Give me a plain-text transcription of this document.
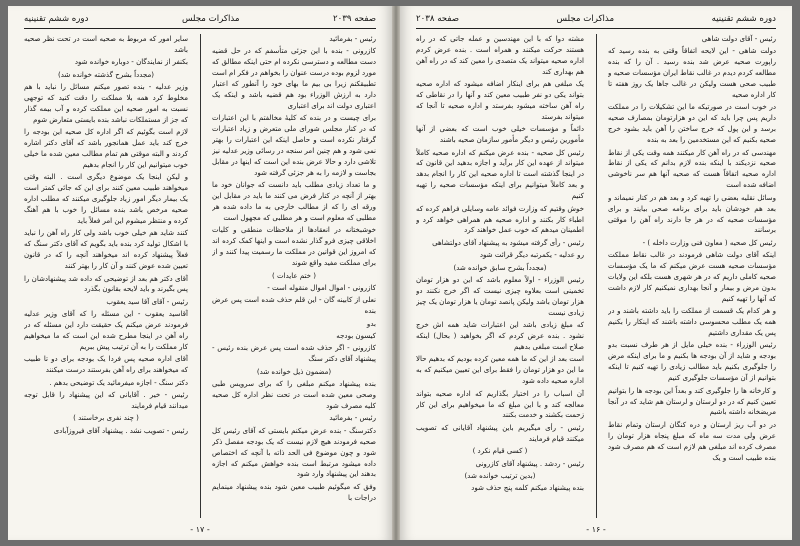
صفحه ۲۰۳۹
مذاکرات مجلس
دوره ششم تقنینیه

رئیس - بفرمائید

کازرونی - بنده با این جزئی متأسفم که در حل قضیه دست مطالعه و دسترسی نکرده ام حتی اینکه مطالق که مورد لزوم بوده درست عنوان را بخواهم در فکر ام است تطبیقکنم زیرا بی بیم ما بهای خود را آنطور که اعتبار دارد به ارزش الوزراء بود هم قضیه باشد و اینکه یک اعتباری دولت اند برای اعتباری

برای چیست و در بنده که کلیهٔ مخالفتم با این اعتبارات که در کنار مجلس شورای ملی متعرض و زیاد اعتبارات گرفتار نکرده است و حاصل اینکه این اعتبارات را بهتر نمی شود و هم چنین امر سنجه در رسائی وزیر عدلیه نیز تلاشی دارد و حالا عرض بنده این است که اینها در مقابل بجاست و لازمه را به هر جزئی گرفته شود

و ما تعداد زیادی مطلب باید دانست که جوانان خود ما بهتر از آنچه در کنار فرض می کنند ما باید در مقابل این ورقه ای را که از مطالب خارجی به ما داده شده هر مطلبی که معلوم است و هر مطلبی که مجهول است

خوشبختانه در انعقادها از ملاحظات منطقی و کلیات اخلاقی چیزی فرو گذار نشده است و اینها کمک کرده اند که امروز این قوانین در مملکت ما رسمیت پیدا کنند و از برای مملکت مفید واقع شوند

( ختم عایدات )

کازرونی - اموال اموال منقوله است -

نعلی از کابینه گان - این قلم حذف شده است پس عرض بنده

بدو

کیسون بودجه

کازرونی - اگر حذف شده است پس عرض بنده رئیس - پیشنهاد آقای دکتر سنگ

(مضمون ذیل خوانده شد)

بنده پیشنهاد میکنم مبلغی را که برای سرویس طبی وصحی معین شده است در تحت نظر اداره کل صحیه کلیه مصرف شود

رئیس - بفرمائید

دکترسنگ - بنده عرض میکنم بایستی که آقای رئیس کل صحیه فرمودند هیچ لازم نیست که یک بودجه مفصل ذکر شود و چون موضوع فی الحد ذاته با آنچه که اختصاص داده میشود مرتبط است بنده خواهش میکنم که اجازه بدهند این پیشنهاد وارد شود

وفق که میگوئیم طبیب معین شود بنده پیشنهاد مینمایم دراجات با

سایر امور که مربوط به صحیه است در تحت نظر صحیه باشد

بکنفر از نمایندگان - دوباره خوانده شود

(مجدداً بشرح گذشته خوانده شد)

وزیر عدلیه - بنده تصور میکنم مسائل را نباید با هم مخلوط کرد همه بلا مملکت را دقت کنید که توجهی نسبت به امور صحیه این مملکت کرده و آب بیمه گذار که جز از مستملکات نباشد بنده بایستی متعارض شوم

لازم است بگوئیم که اگر اداره کل صحیه این بودجه را خرج کند باید عمل همانجور باشد که آقای دکتر اشاره کردند و البته موقتی هم تمام مطالب معین شده ما خیلی خوب میتوانیم این کار را انجام بدهیم

و لیکن اینجا یک موضوع دیگری است . البته وقتی میخواهند طبیب معین کنند برای این که جائی کمتر است یک بیمار دیگر امور زیاد جلوگیری میکنند که مطلب اداره صحیه مرخص باشد بنده مسائل را خوب با هم آهنگ کرده و منتظر میشوم این امر فعلاً باید

کنند شاید هم خیلی خوب باشد ولی کار راه آهن را نباید با اشکال تولید کرد بنده باید بگویم که آقای دکتر سنگ که فعلاً پیشنهاد کرده اند میخواهند آنچه را که در قانون تعیین شده عوض کنند و آن کار را بهتر کنند

آقای دکتر هم بعد از توضیحی که داده شد پیشنهادشان را پس بگیرند و باید لایحه بقانون بگذرد

رئیس - آقای آقا سید یعقوب

آقاسید یعقوب - این مسئله را که آقای وزیر عدلیه فرمودند عرض میکنم یک حقیقت دارد این مسئله که در راه آهن در اینجا مطرح شده این است که ما میخواهیم کار مملکت را به آن ترتیب پیش ببریم

آقای اداره صحیه پس فردا یک بودجه برای دو تا طبیب که میخواهند برای راه آهن بفرستند درست میکنند

دکتر سنگ - اجازه میفرمائید یک توضیحی بدهم .

رئیس - خیر . آقایانی که این پیشنهاد را قابل توجه میدانند قیام فرمایند

( چند نفری برخاستند )

رئیس - تصویب نشد . پیشنهاد آقای فیروزآبادی

- ۱۷ -
دوره ششم تقنینیه
مذاکرات مجلس
صفحه ۲۰۳۸

رئیس - آقای دولت شاهی

دولت شاهی - این لایحه اتفاقاً وقتی به بنده رسید که راپورت صحیه عرض شد بنده رسید . آن را که بنده مطالعه کردم دیدم در غالب نقاط ایران مؤسسات صحیه و طبیب صحی هست ولیکن در غالب جاها یک روز هفته تا کار اداره صحیه

در خوب است در صورتیکه ما این تشکیلات را در مملکت داریم پس چرا باید که این دو هزارتومان بمصارف صحیه برسد و این پول که خرج ساختن را آهن باید بشود خرج صحیه بکنیم که این مستخدمین را بعد به بنده

مهندسی که در راه آهن کار میکنند همه وقت یکی از نقاط صحیه نزدیکند با اینکه بنده لازم بدانم که یکی از نقاط اداره صحیه اتفاقاً هست که صحیه آنها هم سر ناخوشی اضافه شده است

وسائل نقلیه بعضی را تهیه کرد و بعد هم در کنار نمیماند و بعد هم خودشان باید برای برنامه صحی بیایند و برای مؤسسات صحیه که در هر جا دارند راه آهن را موقتی برسانند

رئیس کل صحیه ( معاون فنی وزارت داخله ) -

اینکه آقای دولت شاهی فرمودند در غالب نقاط مملکت مؤسسات صحیه هست عرض میکنم که ما یک مؤسسات صحیه کاملی داریم که در هر شهری هست بلکه این ولایات بدون مرض و بیمار و آنجا بهداری نمیکنیم کار لازم داشت که آنها را تهیه کنیم

و هر کدام یک قسمت از مملکت را باید داشته باشند و در همه یک مطلب محسوسی داشته باشند که اینکار را بکنیم پس یک مقداری داشتیم

رئیس الوزراء - بنده خیلی مایل از هر طرف نسبت بدو بودجه و شاید از آن بودجه ها بکنیم و ما برای اینکه مرض را جلوگیری بکنیم باید مطالب زیادی را تهیه کنیم تا اینکه بتوانیم از آن مؤسسات جلوگیری کنیم

و کارخانه ها را جلوگیری کند و بعداً این بودجه ها را بتوانیم تعیین کنیم که در دو لرستان و لرستان هم شاید که در آنجا مریضخانه داشته باشیم

در دو آب ریز ارستان و دره کنگان ارستان وتمام نقاط عرض ولی مدت سه ماه که مبلغ پنجاه هزار تومان را مصرف کرده اند مبلغی هم لازم است که هم مصرف شود بنده طبیب است و یک

مشته دوا که با این مهندسین و عمله جاتی که در راه هستند حرکت میکنند و همراه است . بنده عرض کردم اداره صحیه میتواند یک متصدی را معین کند که در راه آهن هم بهداری کند

یک مبلغی هم برای اینکار اضافه میشود که اداره صحیه بتواند یکی دو نفر طبیب معین کند و آنها را در نقاطی که راه آهن ساخته میشود بفرستد و اداره صحیه تا آنجا که میتواند بفرستد

دائماً و مؤسسات خیلی خوب است که بعضی از آنها مأمورین رئیس و دیگر مأمور سازمان صحیه باشند

رئیس کل صحیه - بنده عرض میکنم که اداره صحیه کاملاً میتواند از عهده این کار برآید و اجازه بدهید این قانون که در اینجا گذشته است تا اداره صحیه این کار را انجام بدهد و بعد کاملاً میتوانیم برای اینکه مؤسسات صحیه را تهیه کنیم

خوش وقتیم که وزارت فوائد عامه وسایلی فراهم کرده که اطباء کار بکنند و اداره صحیه هم همراهی خواهد کرد و اطمینان میدهم که خوب عمل خواهند کرد

رئیس - رأی گرفته میشود به پیشنهاد آقای دولتشاهی

رو عدلیه - یکمرتبه دیگر قرائت شود

(مجدداً بشرح سابق خوانده شد)

رئیس الوزراء - اولاً معلوم باشد که این دو هزار تومان تخمینی است بعلاوه چیزی نیست که اگر خرج نکنند دو هزار تومان باشد ولیکن پانصد تومان یا هزار تومان یک چیز زیادی نیست

که مبلغ زیادی باشد این اعتبارات شاید همه اش خرج نشود . بنده عرض کردم که اگر بخواهید ( بحال) اینکه صلاح است مبلغی بدهیم

است بعد از این که ما همه معین کرده بودیم که بدهیم حالا ما این دو هزار تومان را فقط برای این تعیین میکنیم که به اداره صحیه داده شود

آن اسباب را در اختیار بگذاریم که اداره صحیه بتواند معالجه کند و با این مبلغ که ما میخواهیم برای این کار زحمت بکشند و خدمت بکنند

رئیس - رأی میگیریم باین پیشنهاد آقایانی که تصویب میکنند قیام فرمایند

( کسی قیام نکرد )

رئیس - ردشد . پیشنهاد آقای کازرونی

(بدین ترتیب خوانده شد)

بنده پیشنهاد میکنم کلمه پنج حذف شود

- ۱۶ -
